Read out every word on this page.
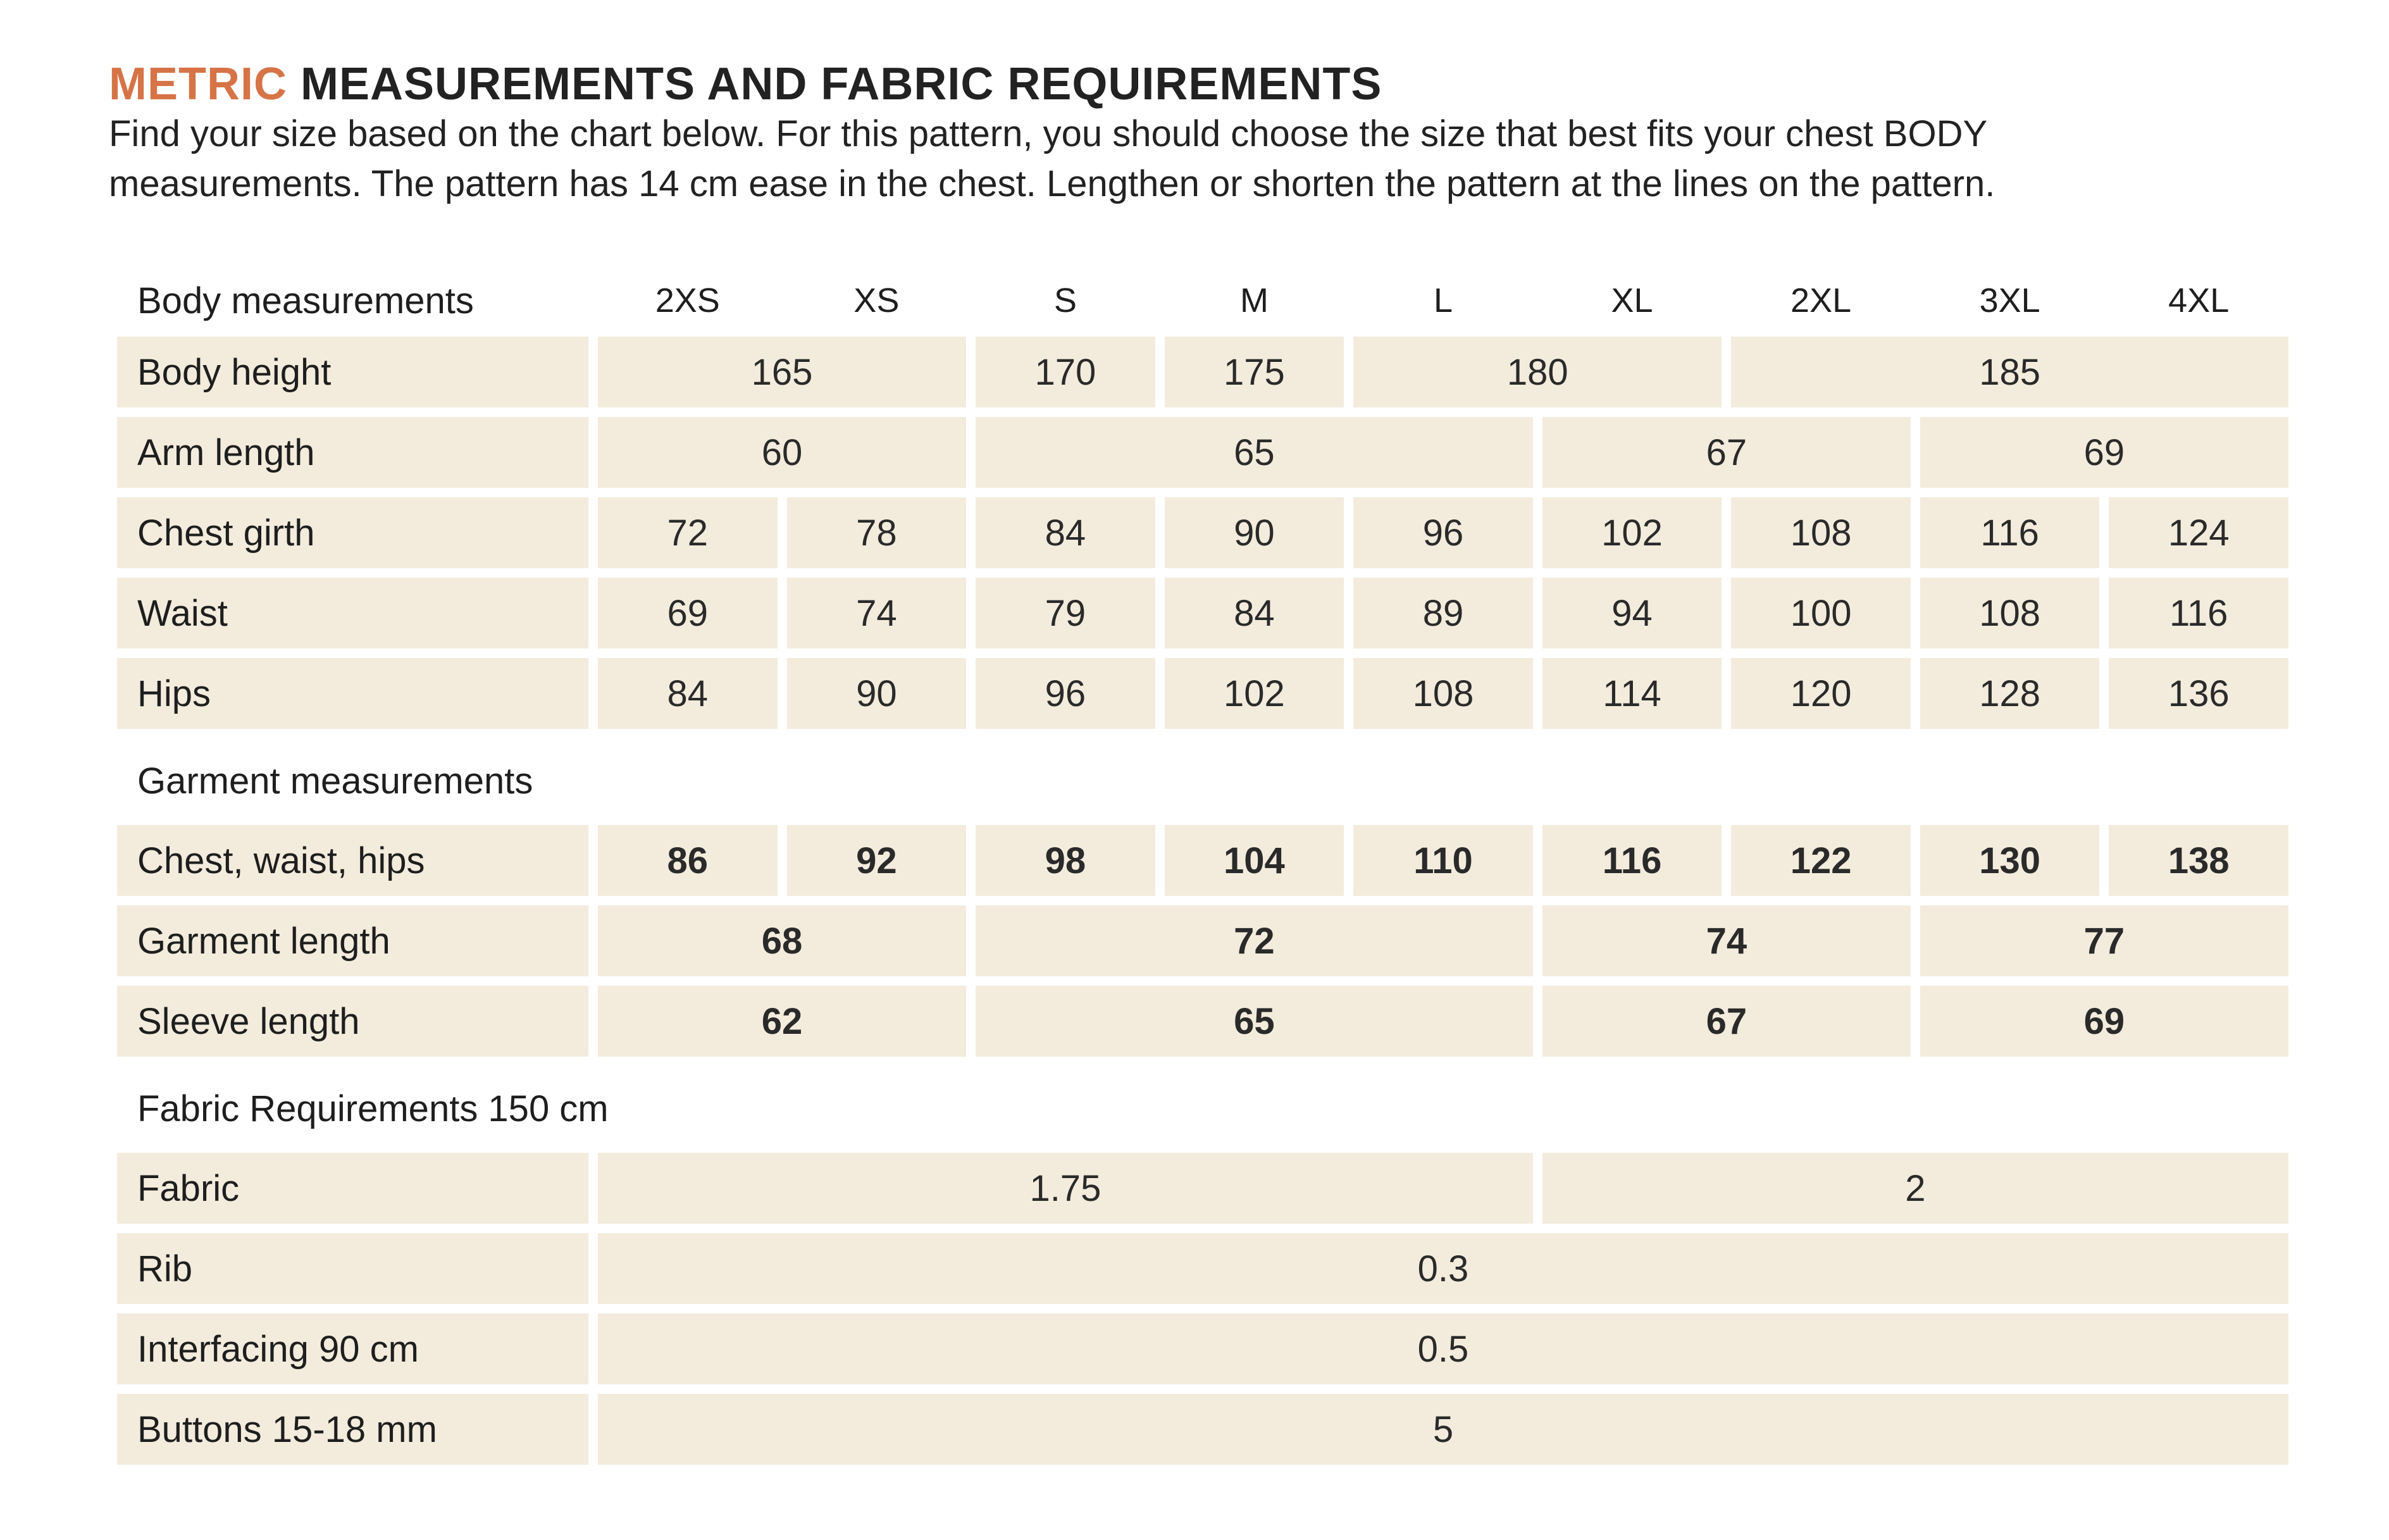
METRIC MEASUREMENTS AND FABRIC REQUIREMENTS

Find your size based on the chart below. For this pattern, you should choose the size that best fits your chest BODY

measurements. The pattern has 14 cm ease in the chest. Lengthen or shorten the pattern at the lines on the pattern.

Body measurements	2XS	XS	S	M	L	XL	2XL	3XL	4XL
Body height	165	170	175	180	185
Arm length	60	65	67	69
Chest girth	72	78	84	90	96	102	108	116	124
Waist	69	74	79	84	89	94	100	108	116
Hips	84	90	96	102	108	114	120	128	136
Garment measurements
Chest, waist, hips	86	92	98	104	110	116	122	130	138
Garment length	68	72	74	77
Sleeve length	62	65	67	69
Fabric Requirements 150 cm
Fabric	1.75	2
Rib	0.3
Interfacing 90 cm	0.5
Buttons 15-18 mm	5
